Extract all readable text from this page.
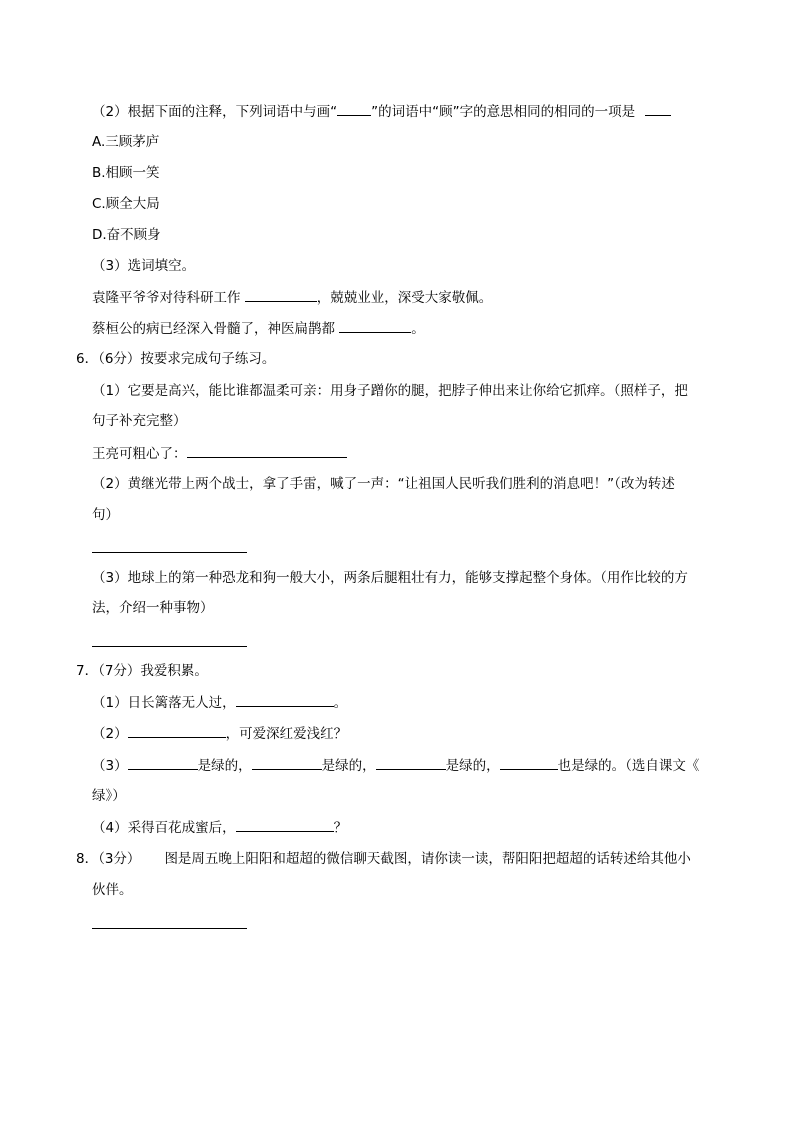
（2）根据下面的注释，下列词语中与画“	”的词语中“顾”字的意思相同的相同的一项是
A.三顾茅庐
B.相顾一笑
C.顾全大局
D.奋不顾身
（3）选词填空。
袁隆平爷爷对待科研工作	，兢兢业业，深受大家敬佩。
蔡桓公的病已经深入骨髓了，神医扁鹊都	。
6．（6分）按要求完成句子练习。
（1）它要是高兴，能比谁都温柔可亲：用身子蹭你的腿，把脖子伸出来让你给它抓痒。（照样子，把
句子补充完整）
王亮可粗心了：
（2）黄继光带上两个战士，拿了手雷，喊了一声：“让祖国人民听我们胜利的消息吧！”（改为转述
句）
（3）地球上的第一种恐龙和狗一般大小，两条后腿粗壮有力，能够支撑起整个身体。（用作比较的方
法，介绍一种事物）
7．（7分）我爱积累。
（1）日长篱落无人过，	。
（2）	，可爱深红爱浅红？
（3）	是绿的，	是绿的，	是绿的，	也是绿的。（选自课文《
绿》）
（4）采得百花成蜜后，	？
8．（3分） 图是周五晚上阳阳和超超的微信聊天截图，请你读一读，帮阳阳把超超的话转述给其他小
伙伴。
